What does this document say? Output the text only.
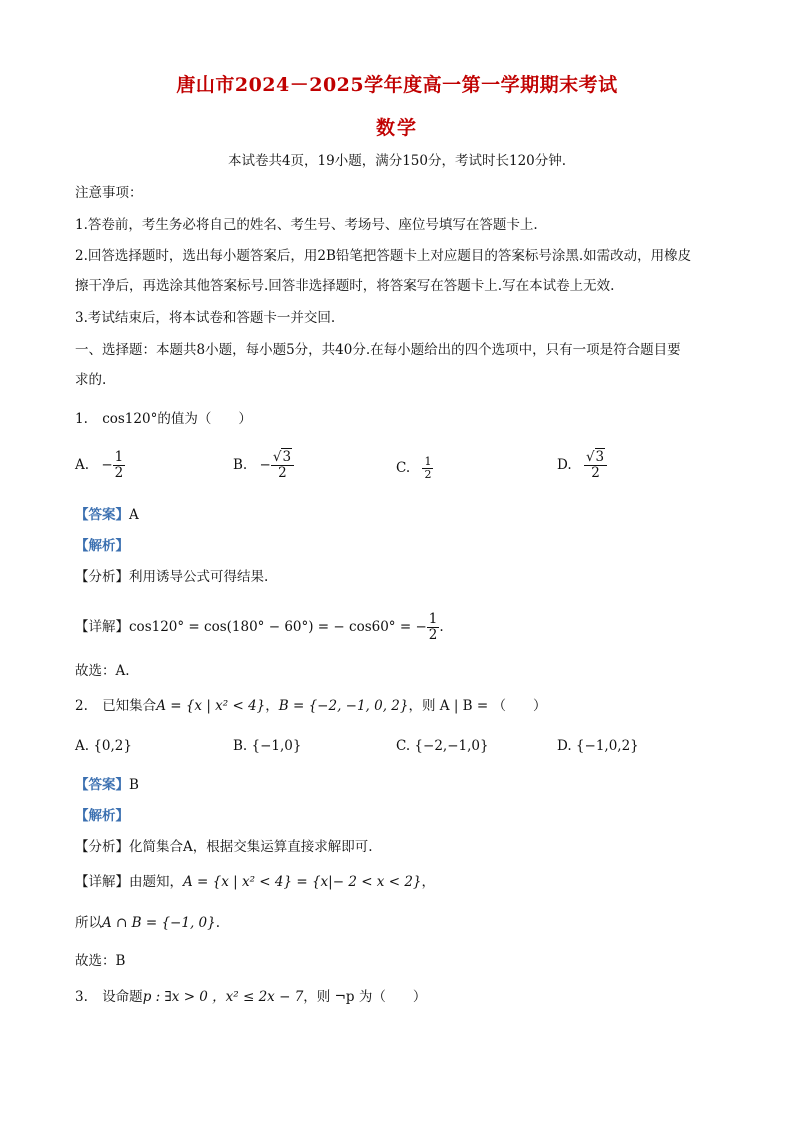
唐山市2024－2025学年度高一第一学期期末考试
数学
本试卷共4页，19小题，满分150分，考试时长120分钟.
注意事项：
1.答卷前，考生务必将自己的姓名、考生号、考场号、座位号填写在答题卡上.
2.回答选择题时，选出每小题答案后，用2B铅笔把答题卡上对应题目的答案标号涂黑.如需改动，用橡皮
擦干净后，再选涂其他答案标号.回答非选择题时，将答案写在答题卡上.写在本试卷上无效.
3.考试结束后，将本试卷和答题卡一并交回.
一、选择题：本题共8小题，每小题5分，共40分.在每小题给出的四个选项中，只有一项是符合题目要
求的.
1. cos120°的值为（　　）
A. − $\frac{1}{2}$	B. − $\frac{√3}{2}$	C. $\frac{1}{2}$	D. $\frac{√3}{2}$
【答案】A
【解析】
【分析】利用诱导公式可得结果.
【详解】cos120° = cos(180° − 60°) = − cos60° = − $\frac{1}{2}$ .
故选：A.
2. 已知集合A = {x | x² < 4}，B = {−2, −1, 0, 2}，则 A | B = （　　）
A. {0,2}	B. {−1,0}	C. {−2,−1,0}	D. {−1,0,2}
【答案】B
【解析】
【分析】化简集合A，根据交集运算直接求解即可.
【详解】由题知，A = {x | x² < 4} = {x|− 2 < x < 2}，
所以A ∩ B = {−1, 0}.
故选：B
3. 设命题p : ∃x > 0 ，x² ≤ 2x − 7，则 ¬p 为（　　）
